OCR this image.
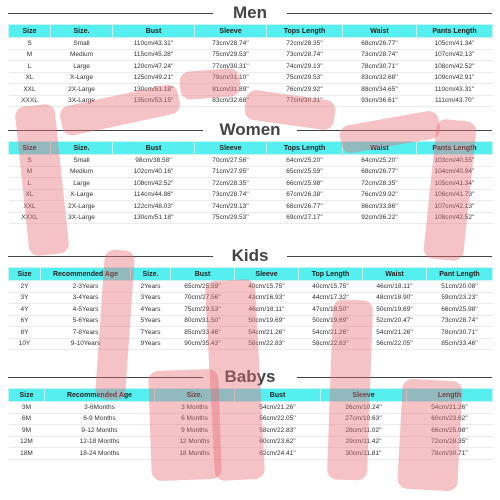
Men
Size	Size.	Bust	Sleeve	Tops Length	Waist	Pants Length
S	Small	110cm/43.31''	73cm/28.74''	72cm/28.35''	68cm/26.77''	105cm/41.34''
M	Medium	115cm/45.28''	75cm/29.53''	73cm/28.74''	73cm/28.74''	107cm/42.13''
L	Large	120cm/47.24''	77cm/30.31''	74cm/29.13''	78cm/30.71''	108cm/42.52''
XL	X-Large	125cm/49.21''	79cm/31.10''	75cm/29.53''	83cm/32.68''	109cm/42.91''
XXL	2X-Large	130cm/51.18''	81cm/31.89''	76cm/29.92''	88cm/34.65''	110cm/43.31''
XXXL	3X-Large	135cm/53.15''	83cm/32.68''	77cm/30.31''	93cm/36.61''	111cm/43.70''
Women
Size	Size.	Bust	Sleeve	Tops Length	Waist	Pants Length
S	Small	98cm/38.58''	70cm/27.56''	64cm/25.20''	64cm/25.20''	103cm/40.55''
M	Medium	102cm/40.16''	71cm/27.95''	65cm/25.59''	68cm/26.77''	104cm/40.94''
L	Large	108cm/42.52''	72cm/28.35''	66cm/25.98''	72cm/28.35''	105cm/41.34''
XL	X-Large	114cm/44.88''	73cm/28.74''	67cm/26.38''	76cm/29.92''	106cm/41.73''
XXL	2X-Large	122cm/48.03''	74cm/29.13''	68cm/26.77''	86cm/33.86''	107cm/42.13''
XXXL	3X-Large	130cm/51.18''	75cm/29.53''	69cm/27.17''	92cm/36.22''	108cm/42.52''
Kids
Size	Recommended Age	Size.	Bust	Sleeve	Top Length	Waist	Pant Length
2Y	2-3Years	2Years	65cm/25.59''	40cm/15.75''	40cm/15.75''	46cm/18.11''	51cm/20.08''
3Y	3-4Years	3Years	70cm/27.56''	43cm/16.93''	44cm/17.32''	48cm/18.90''	59cm/23.23''
4Y	4-5Years	4Years	75cm/29.53''	46cm/18.11''	47cm/18.50''	50cm/19.69''	66cm/25.98''
6Y	5-6Years	5Years	80cm/31.50''	50cm/19.69''	50cm/19.69''	52cm/20.47''	73cm/28.74''
8Y	7-8Years	7Years	85cm/33.46''	54cm/21.26''	54cm/21.26''	54cm/21.26''	78cm/30.71''
10Y	9-10Years	9Years	90cm/35.43''	58cm/22.83''	58cm/22.83''	56cm/22.05''	85cm/33.46''
Babys
Size	Recommended Age	Size.	Bust	Sleeve	Length
3M	3-6Months	3 Months	54cm/21.26''	26cm/10.24''	54cm/21.26''
6M	6-9 Months	6 Months	56cm/22.05''	27cm/10.63''	60cm/23.62''
9M	9-12 Months	9 Months	58cm/22.83''	28cm/11.02''	66cm/25.98''
12M	12-18 Months	12 Months	60cm/23.62''	29cm/11.42''	72cm/28.35''
18M	18-24 Months	18 Months	62cm/24.41''	30cm/11.81''	78cm/30.71''
